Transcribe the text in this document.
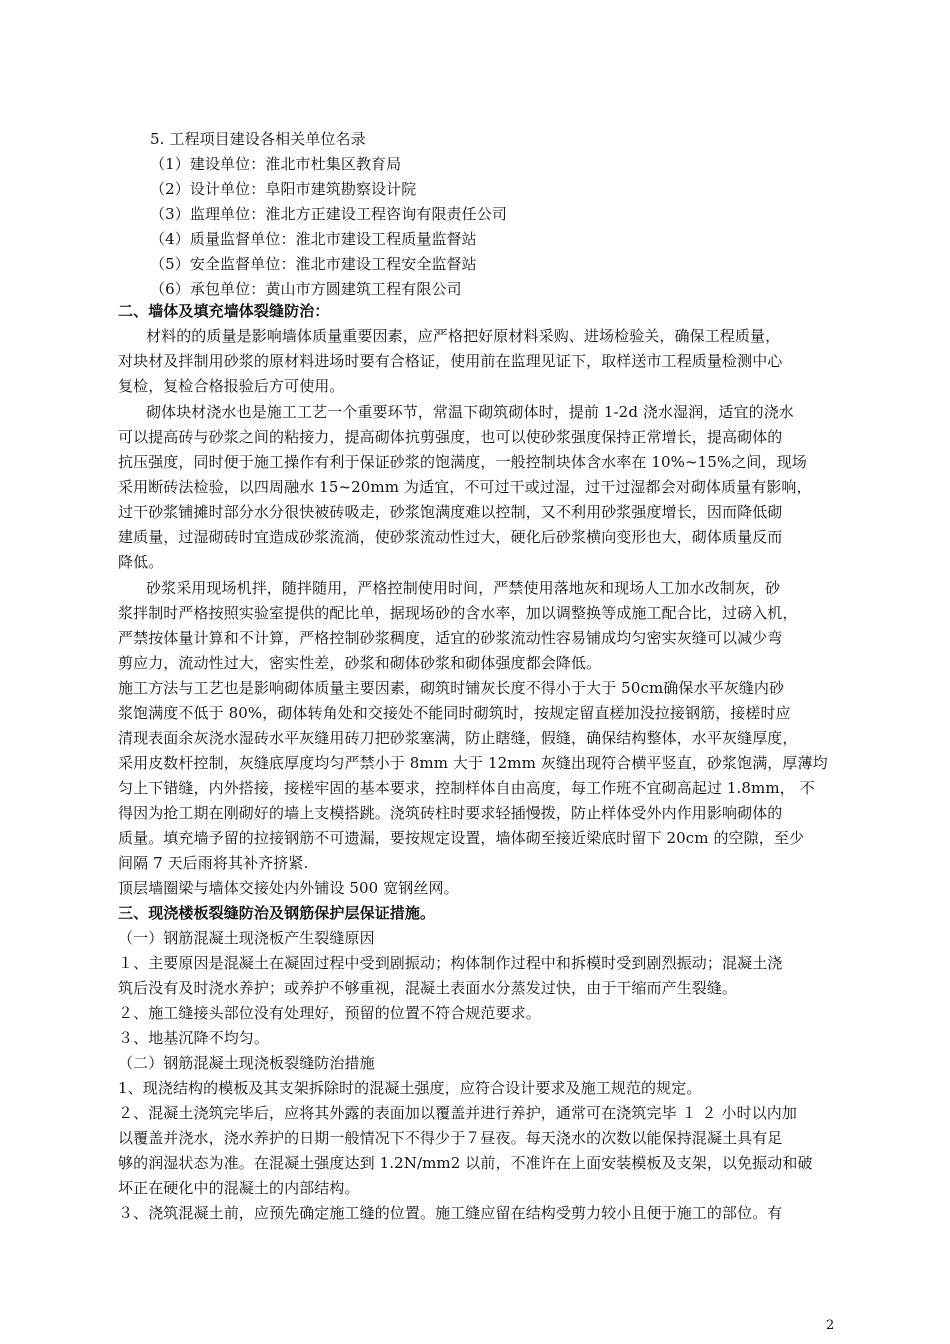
5. 工程项目建设各相关单位名录
（1）建设单位：淮北市杜集区教育局
（2）设计单位：阜阳市建筑勘察设计院
（3）监理单位：淮北方正建设工程咨询有限责任公司
（4）质量监督单位：淮北市建设工程质量监督站
（5）安全监督单位：淮北市建设工程安全监督站
（6）承包单位：黄山市方圆建筑工程有限公司
二、墙体及填充墙体裂缝防治：
材料的的质量是影响墙体质量重要因素，应严格把好原材料采购、进场检验关，确保工程质量，
对块材及拌制用砂浆的原材料进场时要有合格证，使用前在监理见证下，取样送市工程质量检测中心
复检，复检合格报验后方可使用。
砌体块材浇水也是施工工艺一个重要环节，常温下砌筑砌体时，提前 1-2d 浇水湿润，适宜的浇水
可以提高砖与砂浆之间的粘接力，提高砌体抗剪强度，也可以使砂浆强度保持正常增长，提高砌体的
抗压强度，同时便于施工操作有利于保证砂浆的饱满度，一般控制块体含水率在 10%~15%之间，现场
采用断砖法检验，以四周融水 15~20mm 为适宜，不可过干或过湿，过干过湿都会对砌体质量有影响，
过干砂浆铺摊时部分水分很快被砖吸走，砂浆饱满度难以控制，又不利用砂浆强度增长，因而降低砌
建质量，过湿砌砖时宜造成砂浆流淌，使砂浆流动性过大，硬化后砂浆横向变形也大，砌体质量反而
降低。
砂浆采用现场机拌，随拌随用，严格控制使用时间，严禁使用落地灰和现场人工加水改制灰，砂
浆拌制时严格按照实验室提供的配比单，据现场砂的含水率，加以调整换等成施工配合比，过磅入机，
严禁按体量计算和不计算，严格控制砂浆稠度，适宜的砂浆流动性容易铺成均匀密实灰缝可以减少弯
剪应力，流动性过大，密实性差，砂浆和砌体砂浆和砌体强度都会降低。
施工方法与工艺也是影响砌体质量主要因素，砌筑时铺灰长度不得小于大于 50cm确保水平灰缝内砂
浆饱满度不低于 80%，砌体转角处和交接处不能同时砌筑时，按规定留直槎加没拉接钢筋，接槎时应
清现表面余灰浇水湿砖水平灰缝用砖刀把砂浆塞满，防止瞎缝，假缝，确保结构整体，水平灰缝厚度，
采用皮数杆控制，灰缝底厚度均匀严禁小于 8mm 大于 12mm 灰缝出现符合横平竖直，砂浆饱满，厚薄均
匀上下错缝，内外搭接，接槎牢固的基本要求，控制样体自由高度，每工作班不宜砌高起过 1.8mm， 不
得因为抢工期在刚砌好的墙上支模搭跳。浇筑砖柱时要求轻插慢拨，防止样体受外内作用影响砌体的
质量。填充墙予留的拉接钢筋不可遗漏，要按规定设置，墙体砌至接近梁底时留下 20cm 的空隙，至少
间隔 7 天后雨将其补齐挤紧.
顶层墙圈梁与墙体交接处内外铺设 500 宽钢丝网。
三、现浇楼板裂缝防治及钢筋保护层保证措施。
（一）钢筋混凝土现浇板产生裂缝原因
１、主要原因是混凝土在凝固过程中受到剧振动；构体制作过程中和拆模时受到剧烈振动；混凝土浇
筑后没有及时浇水养护；或养护不够重视，混凝土表面水分蒸发过快，由于干缩而产生裂缝。
２、施工缝接头部位没有处理好，预留的位置不符合规范要求。
３、地基沉降不均匀。
（二）钢筋混凝土现浇板裂缝防治措施
1、现浇结构的模板及其支架拆除时的混凝土强度，应符合设计要求及施工规范的规定。
２、混凝土浇筑完毕后，应将其外露的表面加以覆盖并进行养护，通常可在浇筑完毕 １ ２ 小时以内加
以覆盖并浇水，浇水养护的日期一般情况下不得少于７昼夜。每天浇水的次数以能保持混凝土具有足
够的润湿状态为准。在混凝土强度达到 1.2N/mm2 以前，不准许在上面安装模板及支架，以免振动和破
坏正在硬化中的混凝土的内部结构。
３、浇筑混凝土前，应预先确定施工缝的位置。施工缝应留在结构受剪力较小且便于施工的部位。有
2
